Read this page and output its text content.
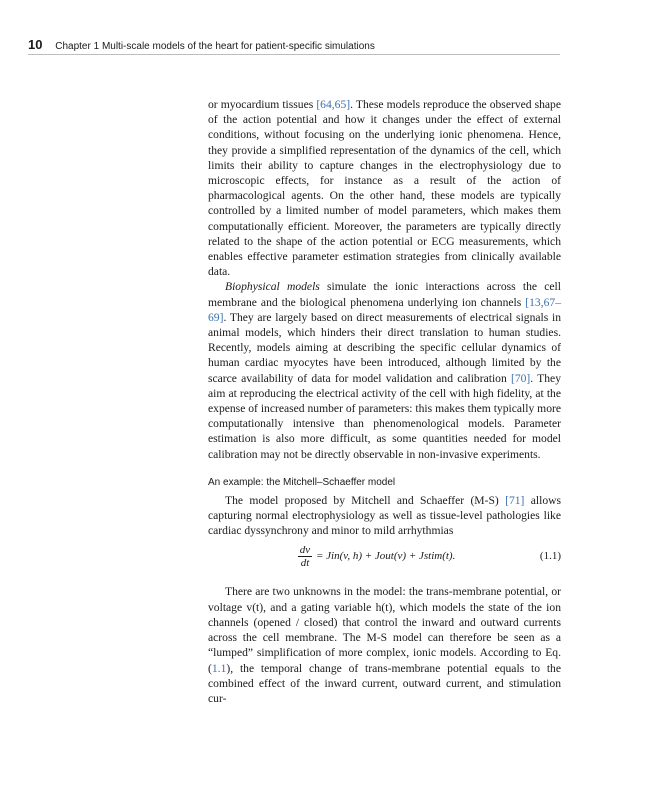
10 Chapter 1 Multi-scale models of the heart for patient-specific simulations

or myocardium tissues [64,65]. These models reproduce the observed shape of the action potential and how it changes under the effect of external conditions, without focusing on the underlying ionic phenomena. Hence, they provide a simplified representation of the dynamics of the cell, which limits their ability to capture changes in the electrophysiology due to microscopic effects, for instance as a result of the action of pharmacological agents. On the other hand, these models are typically controlled by a limited number of model parameters, which makes them computationally efficient. Moreover, the parameters are typically directly related to the shape of the action potential or ECG measurements, which enables effective parameter estimation strategies from clinically available data.

Biophysical models simulate the ionic interactions across the cell membrane and the biological phenomena underlying ion channels [13,67–69]. They are largely based on direct measurements of electrical signals in animal models, which hinders their direct translation to human studies. Recently, models aiming at describing the specific cellular dynamics of human cardiac myocytes have been introduced, although limited by the scarce availability of data for model validation and calibration [70]. They aim at reproducing the electrical activity of the cell with high fidelity, at the expense of increased number of parameters: this makes them typically more computationally intensive than phenomenological models. Parameter estimation is also more difficult, as some quantities needed for model calibration may not be directly observable in non-invasive experiments.

An example: the Mitchell–Schaeffer model

The model proposed by Mitchell and Schaeffer (M-S) [71] allows capturing normal electrophysiology as well as tissue-level pathologies like cardiac dyssynchrony and minor to mild arrhythmias

$\frac{dv}{dt} = Jin(v$, h) + Jout(v) + Jstim(t).	(1.1)

There are two unknowns in the model: the trans-membrane potential, or voltage v(t), and a gating variable h(t), which models the state of the ion channels (opened / closed) that control the inward and outward currents across the cell membrane. The M-S model can therefore be seen as a “lumped” simplification of more complex, ionic models. According to Eq. (1.1), the temporal change of trans-membrane potential equals to the combined effect of the inward current, outward current, and stimulation cur-
